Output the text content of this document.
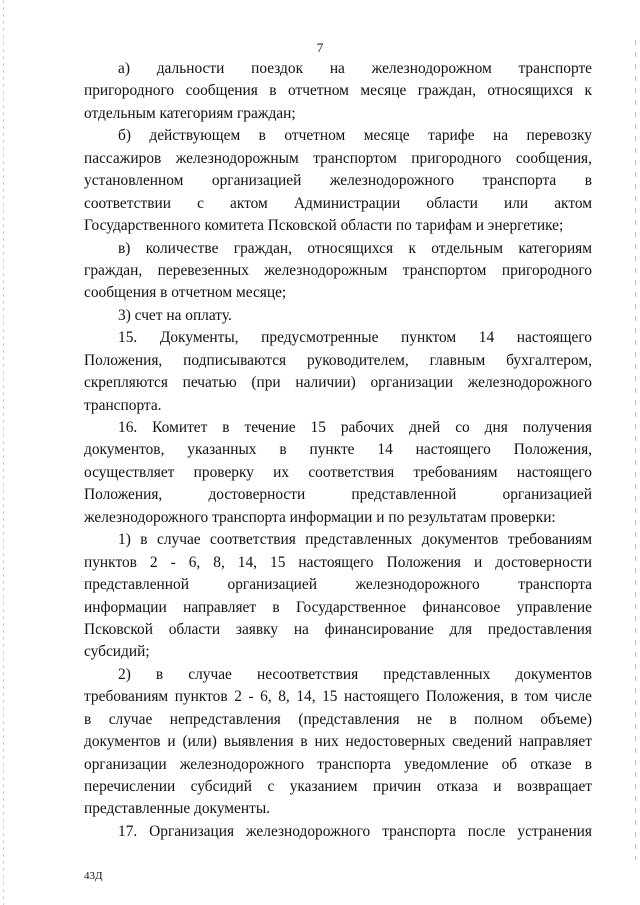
7
а) дальности поездок на железнодорожном транспорте
пригородного сообщения в отчетном месяце граждан, относящихся к
отдельным категориям граждан;
б) действующем в отчетном месяце тарифе на перевозку
пассажиров железнодорожным транспортом пригородного сообщения,
установленном организацией железнодорожного транспорта в
соответствии с актом Администрации области или актом
Государственного комитета Псковской области по тарифам и энергетике;
в) количестве граждан, относящихся к отдельным категориям
граждан, перевезенных железнодорожным транспортом пригородного
сообщения в отчетном месяце;
3) счет на оплату.
15. Документы, предусмотренные пунктом 14 настоящего
Положения, подписываются руководителем, главным бухгалтером,
скрепляются печатью (при наличии) организации железнодорожного
транспорта.
16. Комитет в течение 15 рабочих дней со дня получения
документов, указанных в пункте 14 настоящего Положения,
осуществляет проверку их соответствия требованиям настоящего
Положения, достоверности представленной организацией
железнодорожного транспорта информации и по результатам проверки:
1) в случае соответствия представленных документов требованиям
пунктов 2 - 6, 8, 14, 15 настоящего Положения и достоверности
представленной организацией железнодорожного транспорта
информации направляет в Государственное финансовое управление
Псковской области заявку на финансирование для предоставления
субсидий;
2) в случае несоответствия представленных документов
требованиям пунктов 2 - 6, 8, 14, 15 настоящего Положения, в том числе
в случае непредставления (представления не в полном объеме)
документов и (или) выявления в них недостоверных сведений направляет
организации железнодорожного транспорта уведомление об отказе в
перечислении субсидий с указанием причин отказа и возвращает
представленные документы.
17. Организация железнодорожного транспорта после устранения
43Д
